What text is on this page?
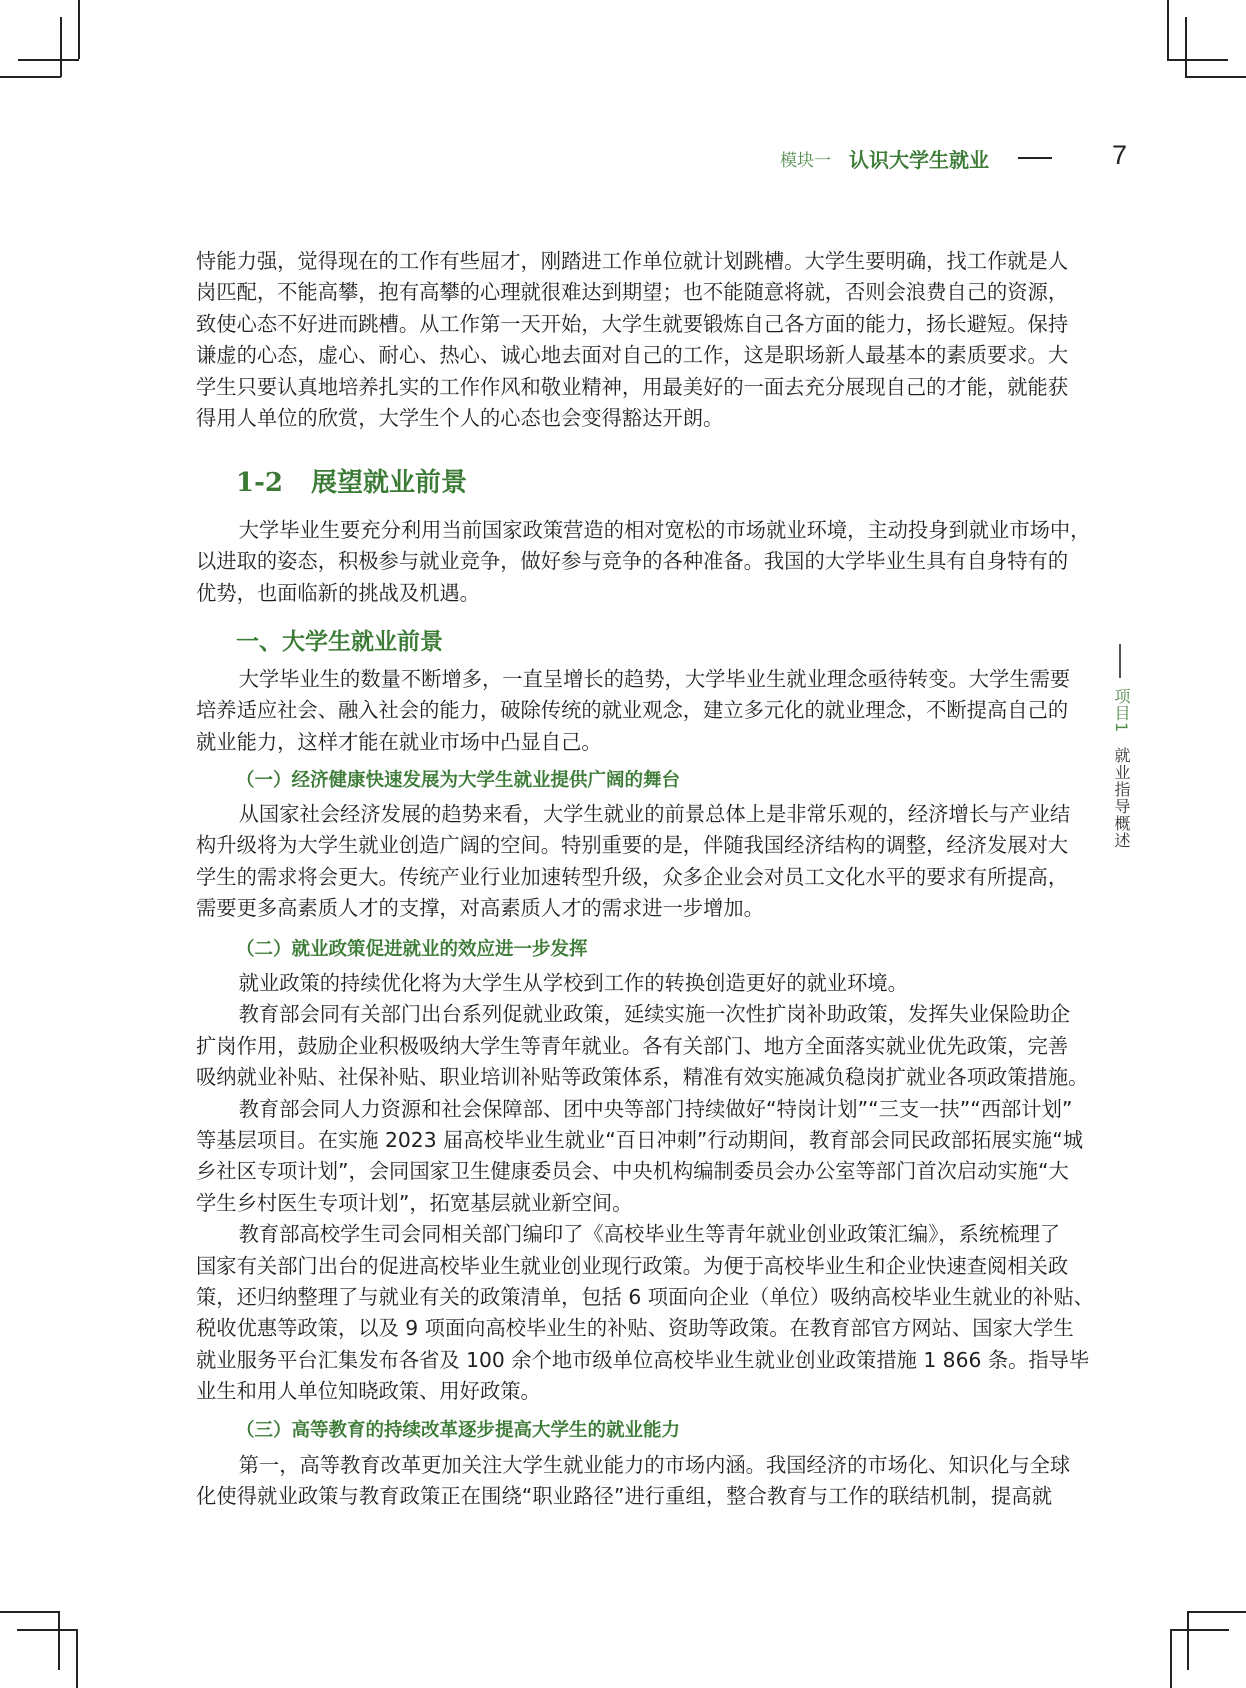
模块一 认识大学生就业	7
项目1
就业指导概述
1-2 展望就业前景
一、大学生就业前景
（一）经济健康快速发展为大学生就业提供广阔的舞台
（二）就业政策促进就业的效应进一步发挥
（三）高等教育的持续改革逐步提高大学生的就业能力
恃能力强，觉得现在的工作有些屈才，刚踏进工作单位就计划跳槽。大学生要明确，找工作就是人
岗匹配，不能高攀，抱有高攀的心理就很难达到期望；也不能随意将就，否则会浪费自己的资源，
致使心态不好进而跳槽。从工作第一天开始，大学生就要锻炼自己各方面的能力，扬长避短。保持
谦虚的心态，虚心、耐心、热心、诚心地去面对自己的工作，这是职场新人最基本的素质要求。大
学生只要认真地培养扎实的工作作风和敬业精神，用最美好的一面去充分展现自己的才能，就能获
得用人单位的欣赏，大学生个人的心态也会变得豁达开朗。
大学毕业生要充分利用当前国家政策营造的相对宽松的市场就业环境，主动投身到就业市场中，
以进取的姿态，积极参与就业竞争，做好参与竞争的各种准备。我国的大学毕业生具有自身特有的
优势，也面临新的挑战及机遇。
大学毕业生的数量不断增多，一直呈增长的趋势，大学毕业生就业理念亟待转变。大学生需要
培养适应社会、融入社会的能力，破除传统的就业观念，建立多元化的就业理念，不断提高自己的
就业能力，这样才能在就业市场中凸显自己。
从国家社会经济发展的趋势来看，大学生就业的前景总体上是非常乐观的，经济增长与产业结
构升级将为大学生就业创造广阔的空间。特别重要的是，伴随我国经济结构的调整，经济发展对大
学生的需求将会更大。传统产业行业加速转型升级，众多企业会对员工文化水平的要求有所提高，
需要更多高素质人才的支撑，对高素质人才的需求进一步增加。
就业政策的持续优化将为大学生从学校到工作的转换创造更好的就业环境。
教育部会同有关部门出台系列促就业政策，延续实施一次性扩岗补助政策，发挥失业保险助企
扩岗作用，鼓励企业积极吸纳大学生等青年就业。各有关部门、地方全面落实就业优先政策，完善
吸纳就业补贴、社保补贴、职业培训补贴等政策体系，精准有效实施减负稳岗扩就业各项政策措施。
教育部会同人力资源和社会保障部、团中央等部门持续做好“特岗计划”“三支一扶”“西部计划”
等基层项目。在实施 2023 届高校毕业生就业“百日冲刺”行动期间，教育部会同民政部拓展实施“城
乡社区专项计划”，会同国家卫生健康委员会、中央机构编制委员会办公室等部门首次启动实施“大
学生乡村医生专项计划”，拓宽基层就业新空间。
教育部高校学生司会同相关部门编印了《高校毕业生等青年就业创业政策汇编》，系统梳理了
国家有关部门出台的促进高校毕业生就业创业现行政策。为便于高校毕业生和企业快速查阅相关政
策，还归纳整理了与就业有关的政策清单，包括 6 项面向企业（单位）吸纳高校毕业生就业的补贴、
税收优惠等政策，以及 9 项面向高校毕业生的补贴、资助等政策。在教育部官方网站、国家大学生
就业服务平台汇集发布各省及 100 余个地市级单位高校毕业生就业创业政策措施 1 866 条。指导毕
业生和用人单位知晓政策、用好政策。
第一，高等教育改革更加关注大学生就业能力的市场内涵。我国经济的市场化、知识化与全球
化使得就业政策与教育政策正在围绕“职业路径”进行重组，整合教育与工作的联结机制，提高就
